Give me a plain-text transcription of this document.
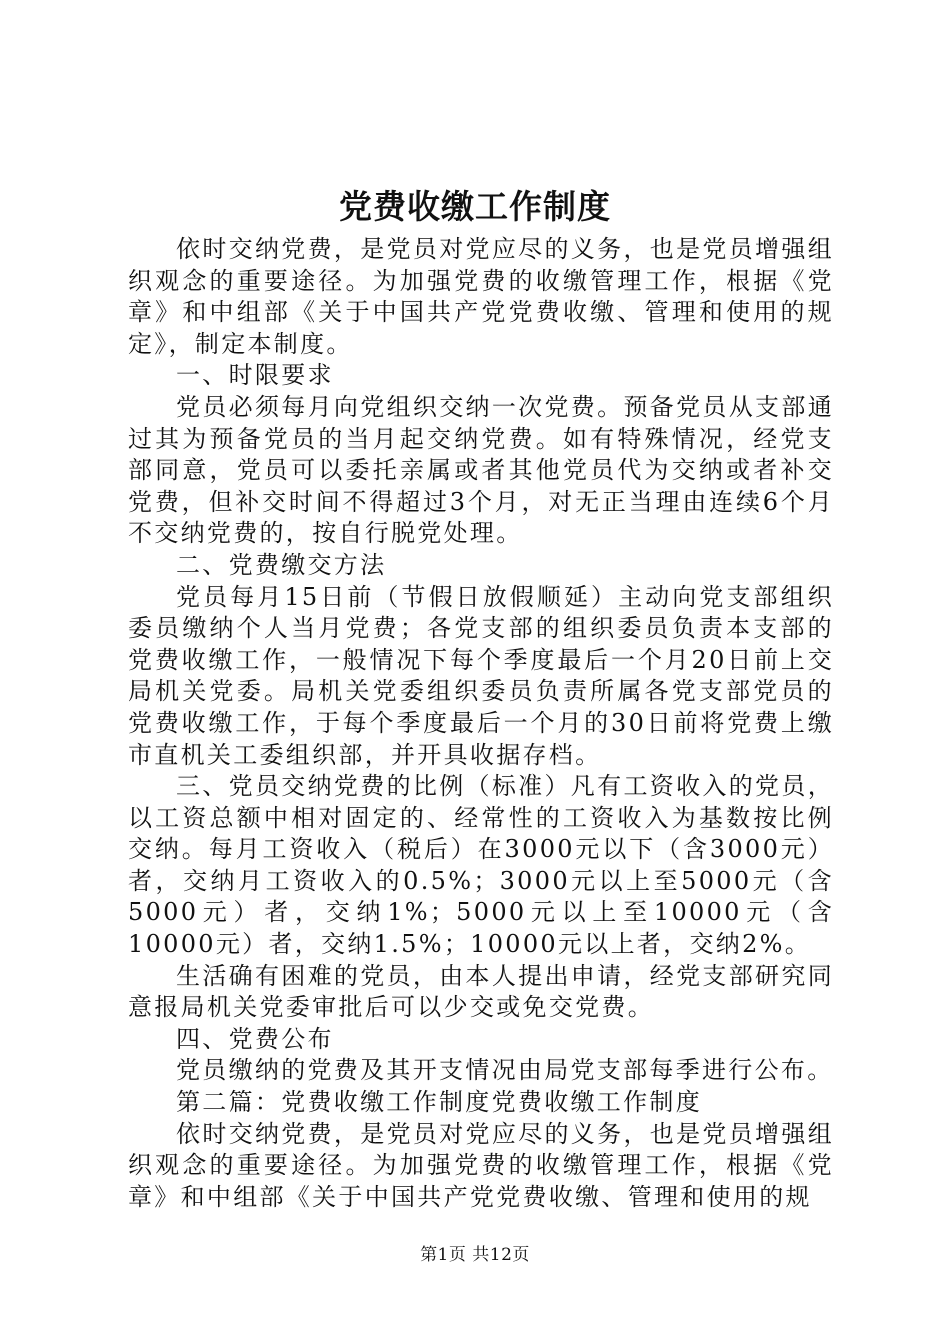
党费收缴工作制度

依时交纳党费，是党员对党应尽的义务，也是党员增强组织观念的重要途径。为加强党费的收缴管理工作，根据《党章》和中组部《关于中国共产党党费收缴、管理和使用的规定》，制定本制度。

一、时限要求

党员必须每月向党组织交纳一次党费。预备党员从支部通过其为预备党员的当月起交纳党费。如有特殊情况，经党支部同意，党员可以委托亲属或者其他党员代为交纳或者补交党费，但补交时间不得超过3个月，对无正当理由连续6个月不交纳党费的，按自行脱党处理。

二、党费缴交方法

党员每月15日前（节假日放假顺延）主动向党支部组织委员缴纳个人当月党费；各党支部的组织委员负责本支部的党费收缴工作，一般情况下每个季度最后一个月20日前上交局机关党委。局机关党委组织委员负责所属各党支部党员的党费收缴工作，于每个季度最后一个月的30日前将党费上缴市直机关工委组织部，并开具收据存档。

三、党员交纳党费的比例（标准）凡有工资收入的党员，以工资总额中相对固定的、经常性的工资收入为基数按比例交纳。每月工资收入（税后）在3000元以下（含3000元）者，交纳月工资收入的0.5%；3000元以上至5000元（含5000元）者，交纳1%；5000元以上至10000元（含10000元）者，交纳1.5%；10000元以上者，交纳2%。

生活确有困难的党员，由本人提出申请，经党支部研究同意报局机关党委审批后可以少交或免交党费。

四、党费公布

党员缴纳的党费及其开支情况由局党支部每季进行公布。

第二篇：党费收缴工作制度党费收缴工作制度

依时交纳党费，是党员对党应尽的义务，也是党员增强组织观念的重要途径。为加强党费的收缴管理工作，根据《党章》和中组部《关于中国共产党党费收缴、管理和使用的规

第1页 共12页
